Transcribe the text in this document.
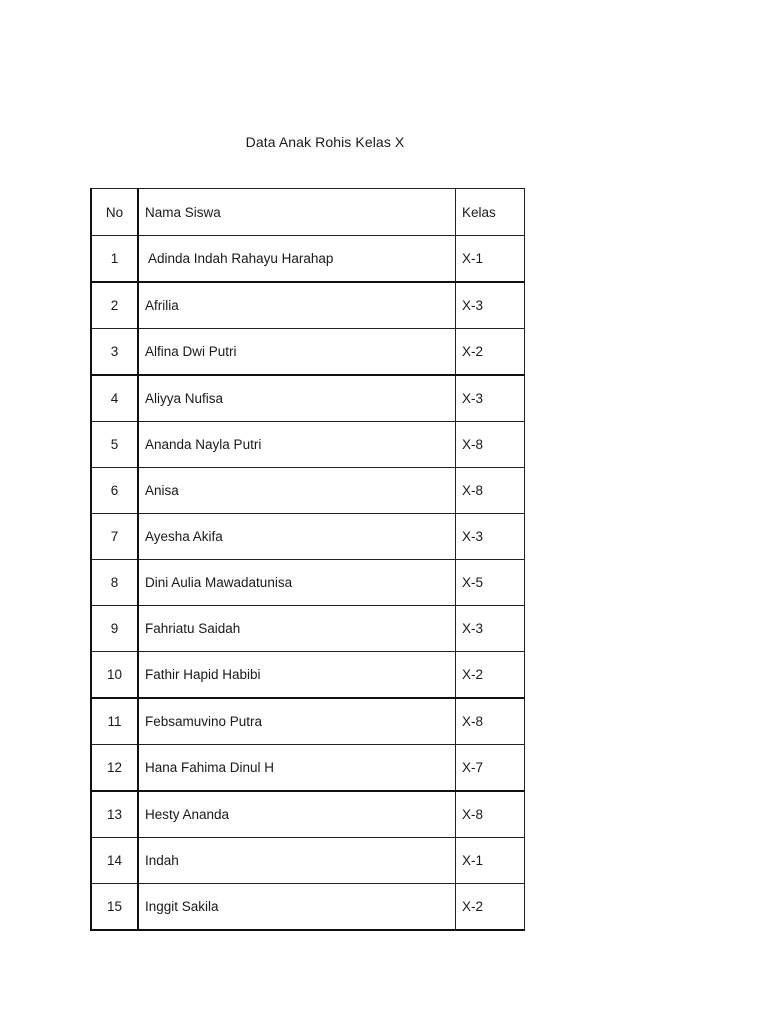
Data Anak Rohis Kelas X
No	Nama Siswa	Kelas
1	Adinda Indah Rahayu Harahap	X-1
2	Afrilia	X-3
3	Alfina Dwi Putri	X-2
4	Aliyya Nufisa	X-3
5	Ananda Nayla Putri	X-8
6	Anisa	X-8
7	Ayesha Akifa	X-3
8	Dini Aulia Mawadatunisa	X-5
9	Fahriatu Saidah	X-3
10	Fathir Hapid Habibi	X-2
11	Febsamuvino Putra	X-8
12	Hana Fahima Dinul H	X-7
13	Hesty Ananda	X-8
14	Indah	X-1
15	Inggit Sakila	X-2
